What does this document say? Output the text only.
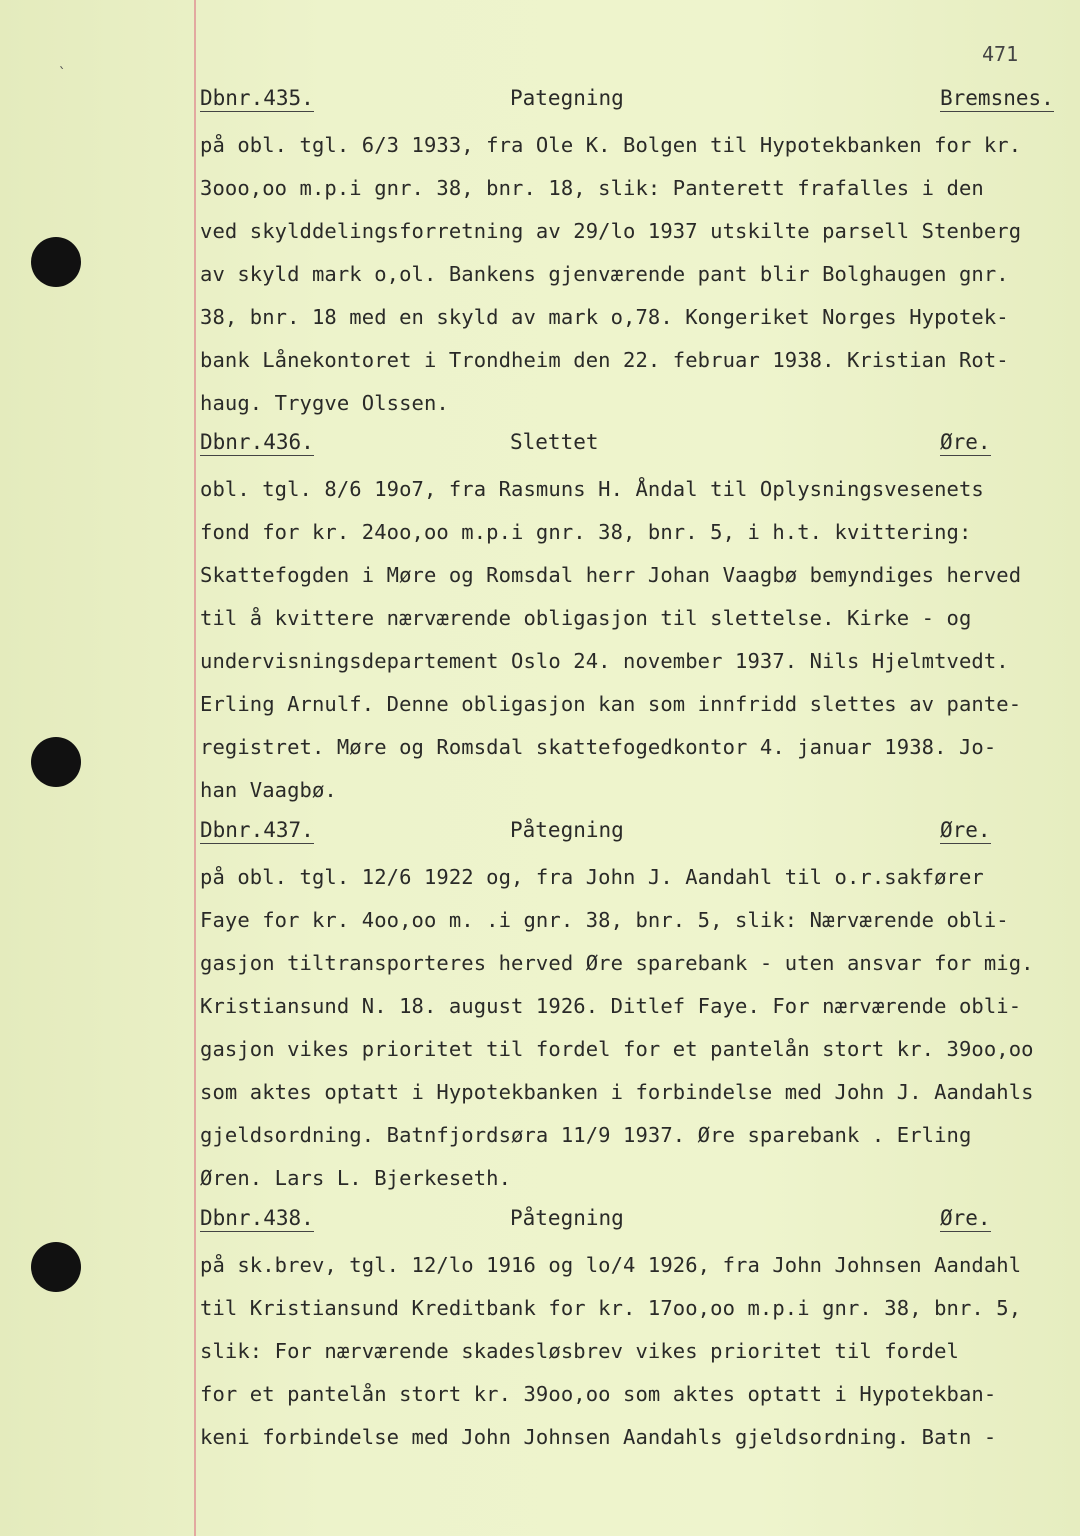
`
471
Dbnr.435.	Pategning	Bremsnes.
på obl. tgl. 6/3 1933, fra Ole K. Bolgen til Hypotekbanken for kr.
3ooo,oo m.p.i gnr. 38, bnr. 18, slik: Panterett frafalles i den
ved skylddelingsforretning av 29/lo 1937 utskilte parsell Stenberg
av skyld mark o,ol. Bankens gjenværende pant blir Bolghaugen gnr.
38, bnr. 18 med en skyld av mark o,78. Kongeriket Norges Hypotek-
bank Lånekontoret i Trondheim den 22. februar 1938. Kristian Rot-
haug. Trygve Olssen.
Dbnr.436.	Slettet	Øre.
obl. tgl. 8/6 19o7, fra Rasmuns H. Åndal til Oplysningsvesenets
fond for kr. 24oo,oo m.p.i gnr. 38, bnr. 5, i h.t. kvittering:
Skattefogden i Møre og Romsdal herr Johan Vaagbø bemyndiges herved
til å kvittere nærværende obligasjon til slettelse. Kirke - og
undervisningsdepartement Oslo 24. november 1937. Nils Hjelmtvedt.
Erling Arnulf. Denne obligasjon kan som innfridd slettes av pante-
registret. Møre og Romsdal skattefogedkontor 4. januar 1938. Jo-
han Vaagbø.
Dbnr.437.	Påtegning	Øre.
på obl. tgl. 12/6 1922 og, fra John J. Aandahl til o.r.sakfører
Faye for kr. 4oo,oo m. .i gnr. 38, bnr. 5, slik: Nærværende obli-
gasjon tiltransporteres herved Øre sparebank - uten ansvar for mig.
Kristiansund N. 18. august 1926. Ditlef Faye. For nærværende obli-
gasjon vikes prioritet til fordel for et pantelån stort kr. 39oo,oo
som aktes optatt i Hypotekbanken i forbindelse med John J. Aandahls
gjeldsordning. Batnfjordsøra 11/9 1937. Øre sparebank . Erling
Øren. Lars L. Bjerkeseth.
Dbnr.438.	Påtegning	Øre.
på sk.brev, tgl. 12/lo 1916 og lo/4 1926, fra John Johnsen Aandahl
til Kristiansund Kreditbank for kr. 17oo,oo m.p.i gnr. 38, bnr. 5,
slik: For nærværende skadesløsbrev vikes prioritet til fordel
for et pantelån stort kr. 39oo,oo som aktes optatt i Hypotekban-
keni forbindelse med John Johnsen Aandahls gjeldsordning. Batn -
